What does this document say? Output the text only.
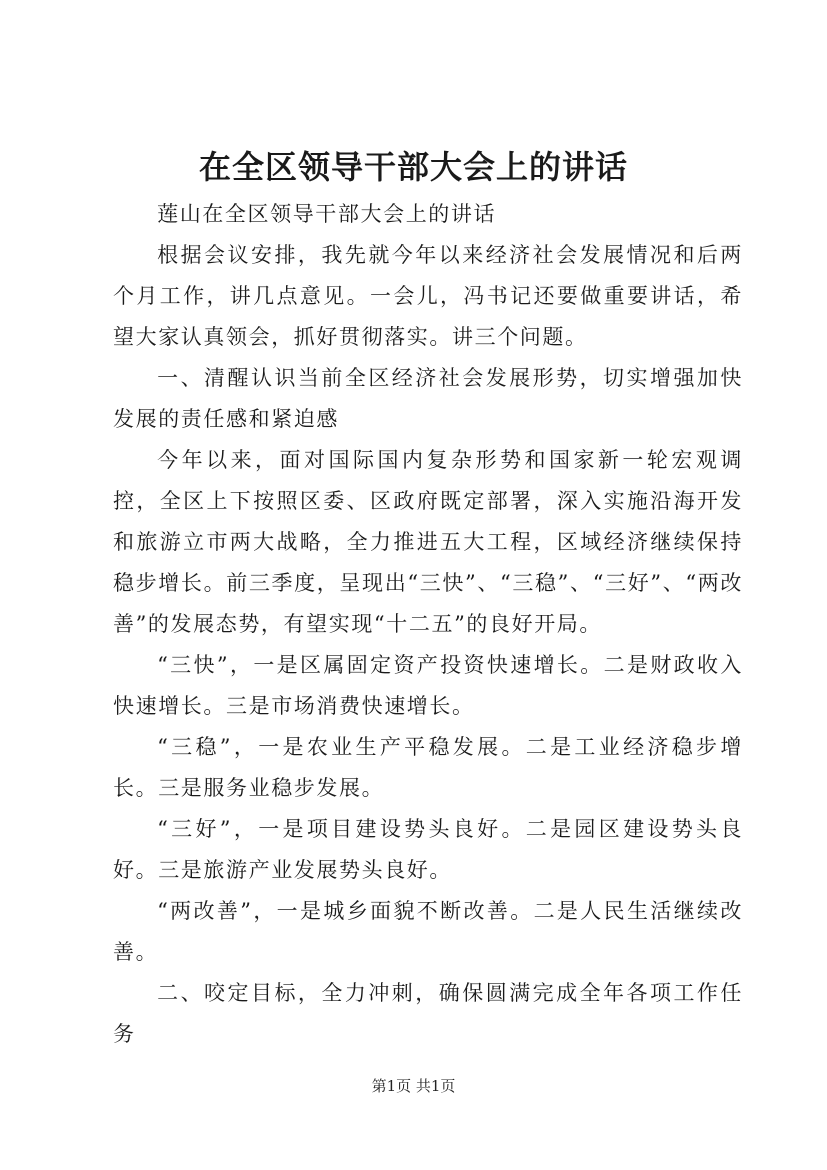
在全区领导干部大会上的讲话

莲山在全区领导干部大会上的讲话

根据会议安排，我先就今年以来经济社会发展情况和后两个月工作，讲几点意见。一会儿，冯书记还要做重要讲话，希望大家认真领会，抓好贯彻落实。讲三个问题。

一、清醒认识当前全区经济社会发展形势，切实增强加快发展的责任感和紧迫感

今年以来，面对国际国内复杂形势和国家新一轮宏观调控，全区上下按照区委、区政府既定部署，深入实施沿海开发和旅游立市两大战略，全力推进五大工程，区域经济继续保持稳步增长。前三季度，呈现出“三快”、“三稳”、“三好”、“两改善”的发展态势，有望实现“十二五”的良好开局。

“三快”，一是区属固定资产投资快速增长。二是财政收入快速增长。三是市场消费快速增长。

“三稳”，一是农业生产平稳发展。二是工业经济稳步增长。三是服务业稳步发展。

“三好”，一是项目建设势头良好。二是园区建设势头良好。三是旅游产业发展势头良好。

“两改善”，一是城乡面貌不断改善。二是人民生活继续改善。

二、咬定目标，全力冲刺，确保圆满完成全年各项工作任务

第1页 共1页
